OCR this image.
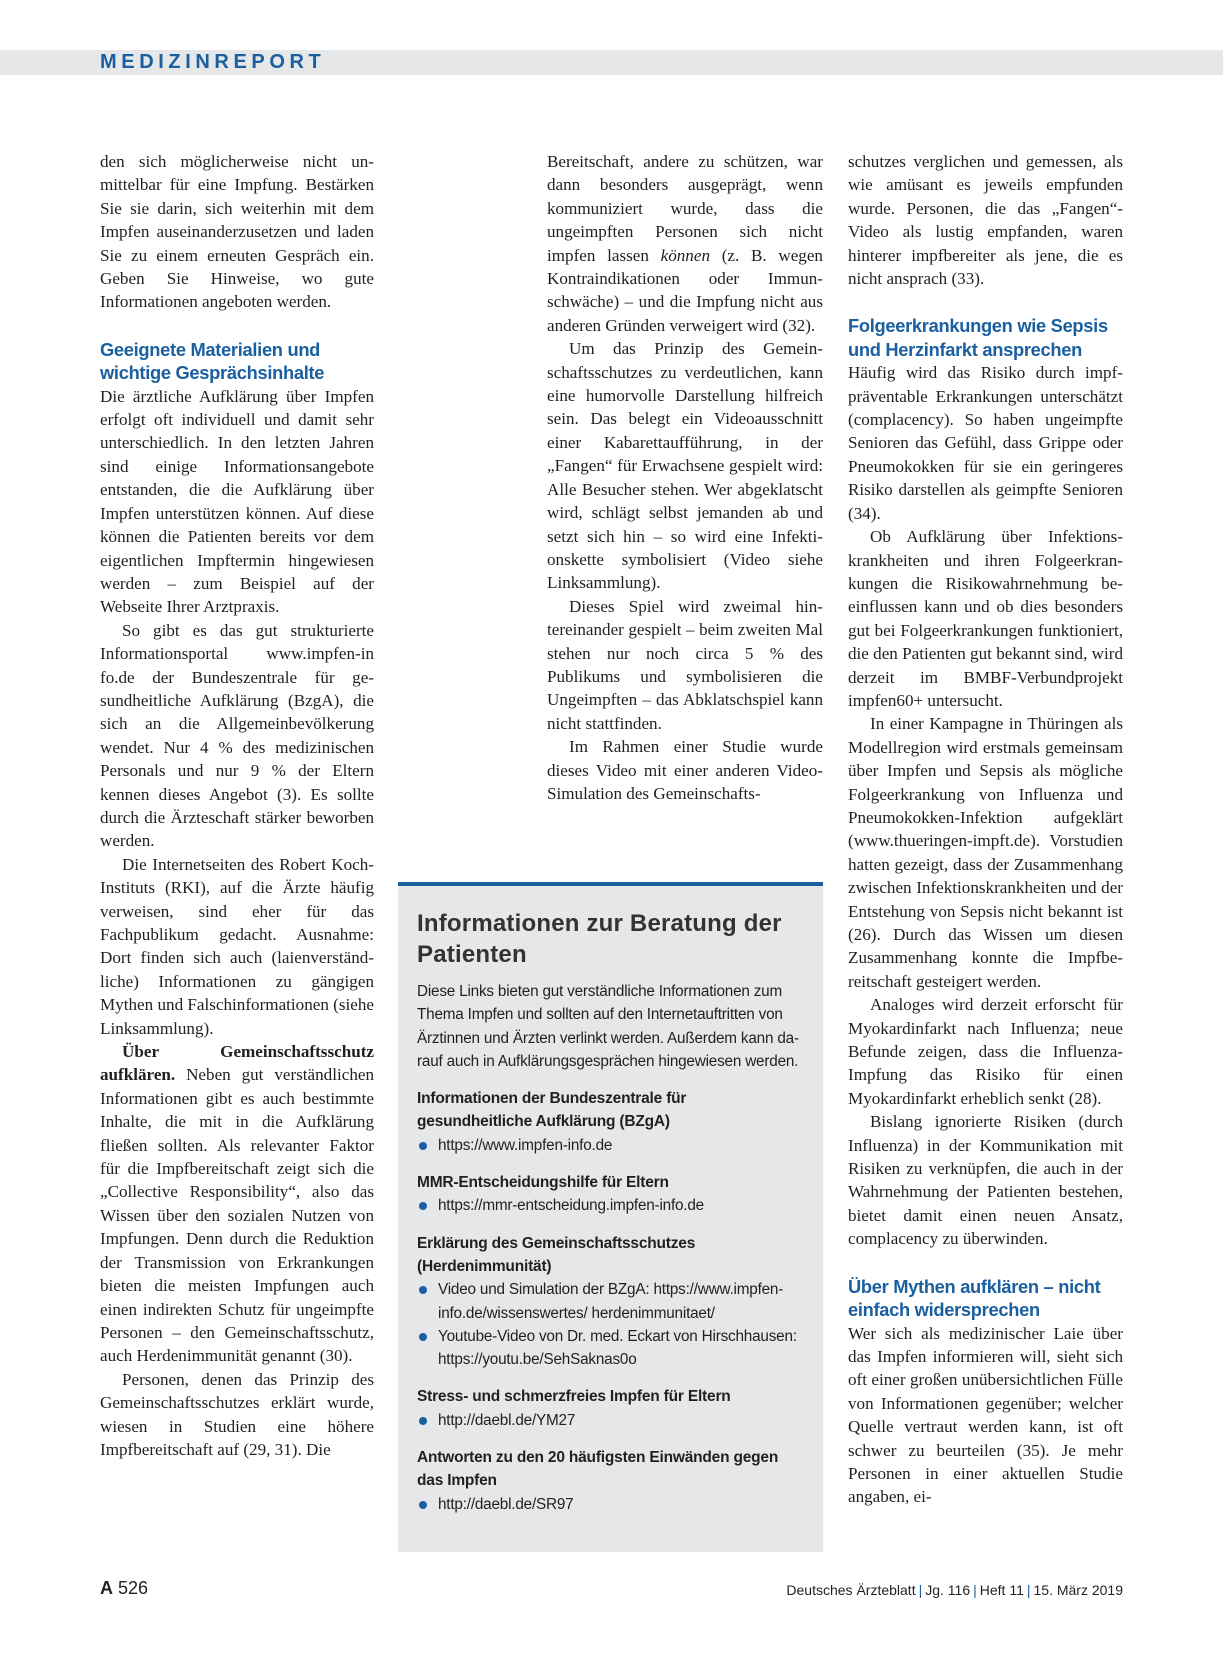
MEDIZINREPORT

den sich möglicherweise nicht unmittelbar für eine Impfung. Bestärken Sie sie darin, sich weiterhin mit dem Impfen auseinanderzusetzen und laden Sie zu einem erneuten Gespräch ein. Geben Sie Hinweise, wo gute Informationen angeboten werden.

Geeignete Materialien und wichtige Gesprächsinhalte

Die ärztliche Aufklärung über Impfen erfolgt oft individuell und damit sehr unterschiedlich. In den letzten Jahren sind einige Informationsangebote entstanden, die die Aufklärung über Impfen unterstützen können. Auf diese können die Patienten bereits vor dem eigentlichen Impftermin hingewiesen werden – zum Beispiel auf der Webseite Ihrer Arztpraxis.

So gibt es das gut strukturierte Informationsportal www.impfen-in fo.de der Bundeszentrale für gesundheitliche Aufklärung (BzgA), die sich an die Allgemeinbevölkerung wendet. Nur 4 % des medizinischen Personals und nur 9 % der Eltern kennen dieses Angebot (3). Es sollte durch die Ärzteschaft stärker beworben werden.

Die Internetseiten des Robert Koch-Instituts (RKI), auf die Ärzte häufig verweisen, sind eher für das Fachpublikum gedacht. Ausnahme: Dort finden sich auch (laienverständliche) Informationen zu gängigen Mythen und Falschinformationen (siehe Linksammlung).

Über Gemeinschaftsschutz aufklären. Neben gut verständlichen Informationen gibt es auch bestimmte Inhalte, die mit in die Aufklärung fließen sollten. Als relevanter Faktor für die Impfbereitschaft zeigt sich die „Collective Responsibility“, also das Wissen über den sozialen Nutzen von Impfungen. Denn durch die Reduktion der Transmission von Erkrankungen bieten die meisten Impfungen auch einen indirekten Schutz für ungeimpfte Personen – den Gemeinschaftsschutz, auch Herdenimmunität genannt (30).

Personen, denen das Prinzip des Gemeinschaftsschutzes erklärt wurde, wiesen in Studien eine höhere Impfbereitschaft auf (29, 31). Die

Bereitschaft, andere zu schützen, war dann besonders ausgeprägt, wenn kommuniziert wurde, dass die ungeimpften Personen sich nicht impfen lassen können (z. B. wegen Kontraindikationen oder Immunschwäche) – und die Impfung nicht aus anderen Gründen verweigert wird (32).

Um das Prinzip des Gemeinschaftsschutzes zu verdeutlichen, kann eine humorvolle Darstellung hilfreich sein. Das belegt ein Videoausschnitt einer Kabarettaufführung, in der „Fangen“ für Erwachsene gespielt wird: Alle Besucher stehen. Wer abgeklatscht wird, schlägt selbst jemanden ab und setzt sich hin – so wird eine Infektionskette symbolisiert (Video siehe Linksammlung).

Dieses Spiel wird zweimal hintereinander gespielt – beim zweiten Mal stehen nur noch circa 5 % des Publikums und symbolisieren die Ungeimpften – das Abklatschspiel kann nicht stattfinden.

Im Rahmen einer Studie wurde dieses Video mit einer anderen Video-Simulation des Gemeinschafts-

schutzes verglichen und gemessen, als wie amüsant es jeweils empfunden wurde. Personen, die das „Fangen“-Video als lustig empfanden, waren hinterer impfbereiter als jene, die es nicht ansprach (33).

Folgeerkrankungen wie Sepsis und Herzinfarkt ansprechen

Häufig wird das Risiko durch impfpräventable Erkrankungen unterschätzt (complacency). So haben ungeimpfte Senioren das Gefühl, dass Grippe oder Pneumokokken für sie ein geringeres Risiko darstellen als geimpfte Senioren (34).

Ob Aufklärung über Infektionskrankheiten und ihren Folgeerkrankungen die Risikowahrnehmung beeinflussen kann und ob dies besonders gut bei Folgeerkrankungen funktioniert, die den Patienten gut bekannt sind, wird derzeit im BMBF-Verbundprojekt impfen60+ untersucht.

In einer Kampagne in Thüringen als Modellregion wird erstmals gemeinsam über Impfen und Sepsis als mögliche Folgeerkrankung von Influenza und Pneumokokken-Infektion aufgeklärt (www.thueringen-impft.de). Vorstudien hatten gezeigt, dass der Zusammenhang zwischen Infektionskrankheiten und der Entstehung von Sepsis nicht bekannt ist (26). Durch das Wissen um diesen Zusammenhang konnte die Impfbereitschaft gesteigert werden.

Analoges wird derzeit erforscht für Myokardinfarkt nach Influenza; neue Befunde zeigen, dass die Influenza-Impfung das Risiko für einen Myokardinfarkt erheblich senkt (28).

Bislang ignorierte Risiken (durch Influenza) in der Kommunikation mit Risiken zu verknüpfen, die auch in der Wahrnehmung der Patienten bestehen, bietet damit einen neuen Ansatz, complacency zu überwinden.

Über Mythen aufklären – nicht einfach widersprechen

Wer sich als medizinischer Laie über das Impfen informieren will, sieht sich oft einer großen unübersichtlichen Fülle von Informationen gegenüber; welcher Quelle vertraut werden kann, ist oft schwer zu beurteilen (35). Je mehr Personen in einer aktuellen Studie angaben, ei-

Informationen zur Beratung der Patienten

Diese Links bieten gut verständliche Informationen zum Thema Impfen und sollten auf den Internetauftritten von Ärztinnen und Ärzten verlinkt werden. Außerdem kann darauf auch in Aufklärungsgesprächen hingewiesen werden.

Informationen der Bundeszentrale für gesundheitliche Aufklärung (BZgA)

https://www.impfen-info.de

MMR-Entscheidungshilfe für Eltern

https://mmr-entscheidung.impfen-info.de

Erklärung des Gemeinschaftsschutzes (Herdenimmunität)

Video und Simulation der BZgA: https://www.impfen-info.de/wissenswertes/ herdenimmunitaet/
Youtube-Video von Dr. med. Eckart von Hirschhausen: https://youtu.be/SehSaknas0o

Stress- und schmerzfreies Impfen für Eltern

http://daebl.de/YM27

Antworten zu den 20 häufigsten Einwänden gegen das Impfen

http://daebl.de/SR97

A 526	Deutsches Ärzteblatt | Jg. 116 | Heft 11 | 15. März 2019
